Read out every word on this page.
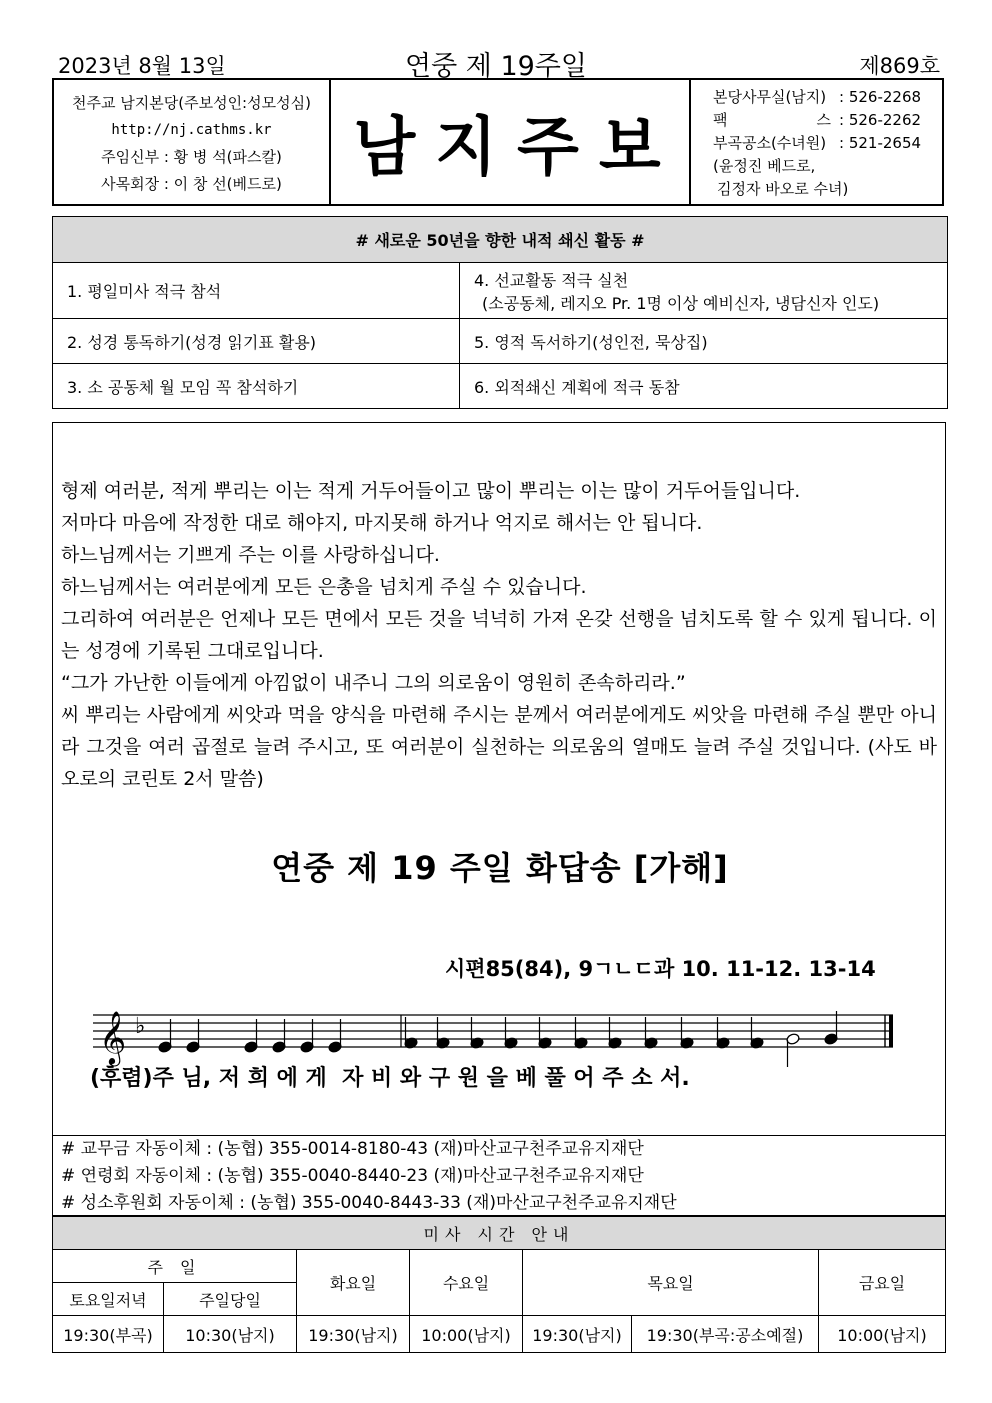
2023년 8월 13일	연중 제 19주일	제869호
천주교 남지본당(주보성인:성모성심)
http://nj.cathms.kr
주임신부 : 황 병 석(파스칼)
사목회장 : 이 창 선(베드로)	남지주보
본당사무실(남지) :
526-2268
팩	스 :
526-2262
부곡공소(수녀원) :
521-2654
(윤정진 베드로,
김정자 바오로 수녀)
# 새로운 50년을 향한 내적 쇄신 활동 #	
1. 평일미사 적극 참석	4. 선교활동 적극 실천
(소공동체, 레지오 Pr. 1명 이상 예비신자, 냉담신자 인도)

2. 성경 통독하기(성경 읽기표 활용)	5. 영적 독서하기(성인전, 묵상집)
3. 소 공동체 월 모임 꼭 참석하기	6. 외적쇄신 계획에 적극 동참

형제 여러분, 적게 뿌리는 이는 적게 거두어들이고 많이 뿌리는 이는 많이 거두어들입니다.

저마다 마음에 작정한 대로 해야지, 마지못해 하거나 억지로 해서는 안 됩니다.

하느님께서는 기쁘게 주는 이를 사랑하십니다.

하느님께서는 여러분에게 모든 은총을 넘치게 주실 수 있습니다.

그리하여 여러분은 언제나 모든 면에서 모든 것을 넉넉히 가져 온갖 선행을 넘치도록 할 수 있게 됩니다. 이는 성경에 기록된 그대로입니다.

“그가 가난한 이들에게 아낌없이 내주니 그의 의로움이 영원히 존속하리라.”

씨 뿌리는 사람에게 씨앗과 먹을 양식을 마련해 주시는 분께서 여러분에게도 씨앗을 마련해 주실 뿐만 아니라 그것을 여러 곱절로 늘려 주시고, 또 여러분이 실천하는 의로움의 열매도 늘려 주실 것입니다. (사도 바오로의 코린토 2서 말씀)

연중 제 19 주일 화답송 [가해]
시편85(84), 9ㄱㄴㄷ과 10. 11-12. 13-14
𝄞 ♭
(후렴)주 님, 저 희 에 게  자 비 와 구 원 을 베 풀 어 주 소 서.
# 교무금 자동이체 : (농협) 355-0014-8180-43 (재)마산교구천주교유지재단
# 연령회 자동이체 : (농협) 355-0040-8440-23 (재)마산교구천주교유지재단
# 성소후원회 자동이체 : (농협) 355-0040-8443-33 (재)마산교구천주교유지재단
미사 시간 안내						
주 일		화요일	수요일	목요일		금요일
토요일저녁	주일당일					
19:30(부곡)	10:30(남지)	19:30(남지)	10:00(남지)	19:30(남지)	19:30(부곡:공소예절)	10:00(남지)
